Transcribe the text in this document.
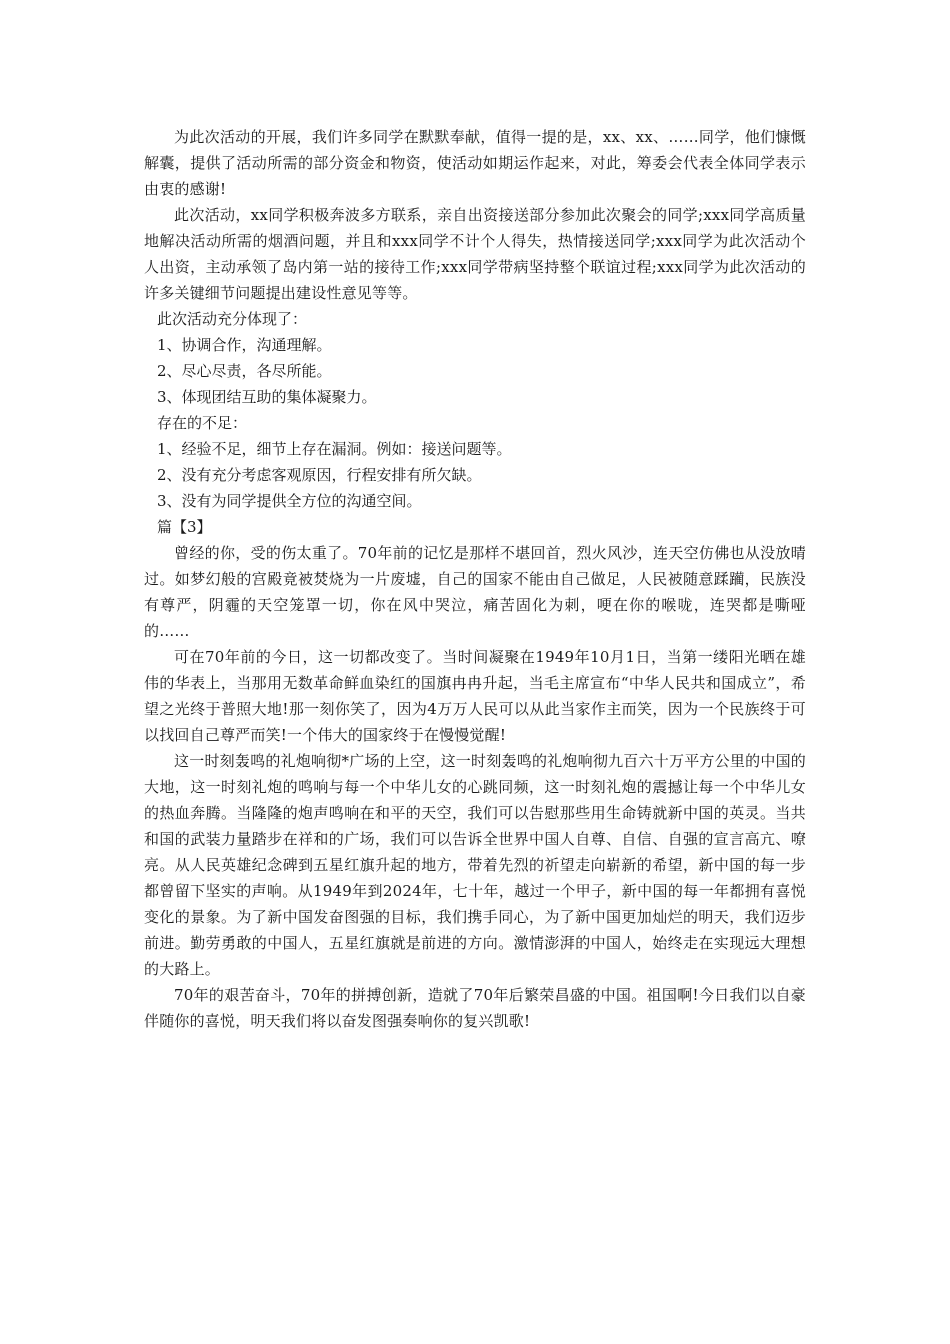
为此次活动的开展，我们许多同学在默默奉献，值得一提的是，xx、xx、……同学，他们慷慨解囊，提供了活动所需的部分资金和物资，使活动如期运作起来，对此，筹委会代表全体同学表示由衷的感谢!

此次活动，xx同学积极奔波多方联系，亲自出资接送部分参加此次聚会的同学;xxx同学高质量地解决活动所需的烟酒问题，并且和xxx同学不计个人得失，热情接送同学;xxx同学为此次活动个人出资，主动承领了岛内第一站的接待工作;xxx同学带病坚持整个联谊过程;xxx同学为此次活动的许多关键细节问题提出建设性意见等等。

此次活动充分体现了：

1、协调合作，沟通理解。

2、尽心尽责，各尽所能。

3、体现团结互助的集体凝聚力。

存在的不足：

1、经验不足，细节上存在漏洞。例如：接送问题等。

2、没有充分考虑客观原因，行程安排有所欠缺。

3、没有为同学提供全方位的沟通空间。

篇【3】

曾经的你，受的伤太重了。70年前的记忆是那样不堪回首，烈火风沙，连天空仿佛也从没放晴过。如梦幻般的宫殿竟被焚烧为一片废墟，自己的国家不能由自己做足，人民被随意蹂躏，民族没有尊严，阴霾的天空笼罩一切，你在风中哭泣，痛苦固化为刺，哽在你的喉咙，连哭都是嘶哑的……

可在70年前的今日，这一切都改变了。当时间凝聚在1949年10月1日，当第一缕阳光晒在雄伟的华表上，当那用无数革命鲜血染红的国旗冉冉升起，当毛主席宣布“中华人民共和国成立”，希望之光终于普照大地!那一刻你笑了，因为4万万人民可以从此当家作主而笑，因为一个民族终于可以找回自己尊严而笑!一个伟大的国家终于在慢慢觉醒!

这一时刻轰鸣的礼炮响彻*广场的上空，这一时刻轰鸣的礼炮响彻九百六十万平方公里的中国的大地，这一时刻礼炮的鸣响与每一个中华儿女的心跳同频，这一时刻礼炮的震撼让每一个中华儿女的热血奔腾。当隆隆的炮声鸣响在和平的天空，我们可以告慰那些用生命铸就新中国的英灵。当共和国的武装力量踏步在祥和的广场，我们可以告诉全世界中国人自尊、自信、自强的宣言高亢、嘹亮。从人民英雄纪念碑到五星红旗升起的地方，带着先烈的祈望走向崭新的希望，新中国的每一步都曾留下坚实的声响。从1949年到2024年，七十年，越过一个甲子，新中国的每一年都拥有喜悦变化的景象。为了新中国发奋图强的目标，我们携手同心，为了新中国更加灿烂的明天，我们迈步前进。勤劳勇敢的中国人，五星红旗就是前进的方向。激情澎湃的中国人，始终走在实现远大理想的大路上。

70年的艰苦奋斗，70年的拼搏创新，造就了70年后繁荣昌盛的中国。祖国啊!今日我们以自豪伴随你的喜悦，明天我们将以奋发图强奏响你的复兴凯歌!
